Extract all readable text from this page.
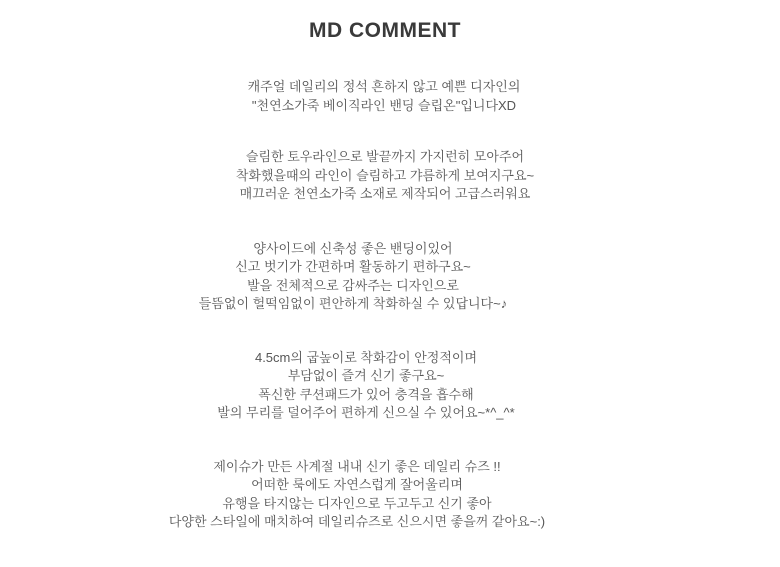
MD COMMENT
캐주얼 데일리의 정석 흔하지 않고 예쁜 디자인의
"천연소가죽 베이직라인 밴딩 슬립온"입니다XD
슬림한 토우라인으로 발끝까지 가지런히 모아주어
착화했을때의 라인이 슬림하고 갸름하게 보여지구요~
매끄러운 천연소가죽 소재로 제작되어 고급스러워요
양사이드에 신축성 좋은 밴딩이있어
신고 벗기가 간편하며 활동하기 편하구요~
발을 전체적으로 감싸주는 디자인으로
들뜸없이 헐떡임없이 편안하게 착화하실 수 있답니다~♪
4.5cm의 굽높이로 착화감이 안정적이며
부담없이 즐겨 신기 좋구요~
폭신한 쿠션패드가 있어 충격을 흡수해
발의 무리를 덜어주어 편하게 신으실 수 있어요~*^_^*
제이슈가 만든 사계절 내내 신기 좋은 데일리 슈즈 !!
어떠한 룩에도 자연스럽게 잘어울리며
유행을 타지않는 디자인으로 두고두고 신기 좋아
다양한 스타일에 매치하여 데일리슈즈로 신으시면 좋을꺼 같아요~:)
